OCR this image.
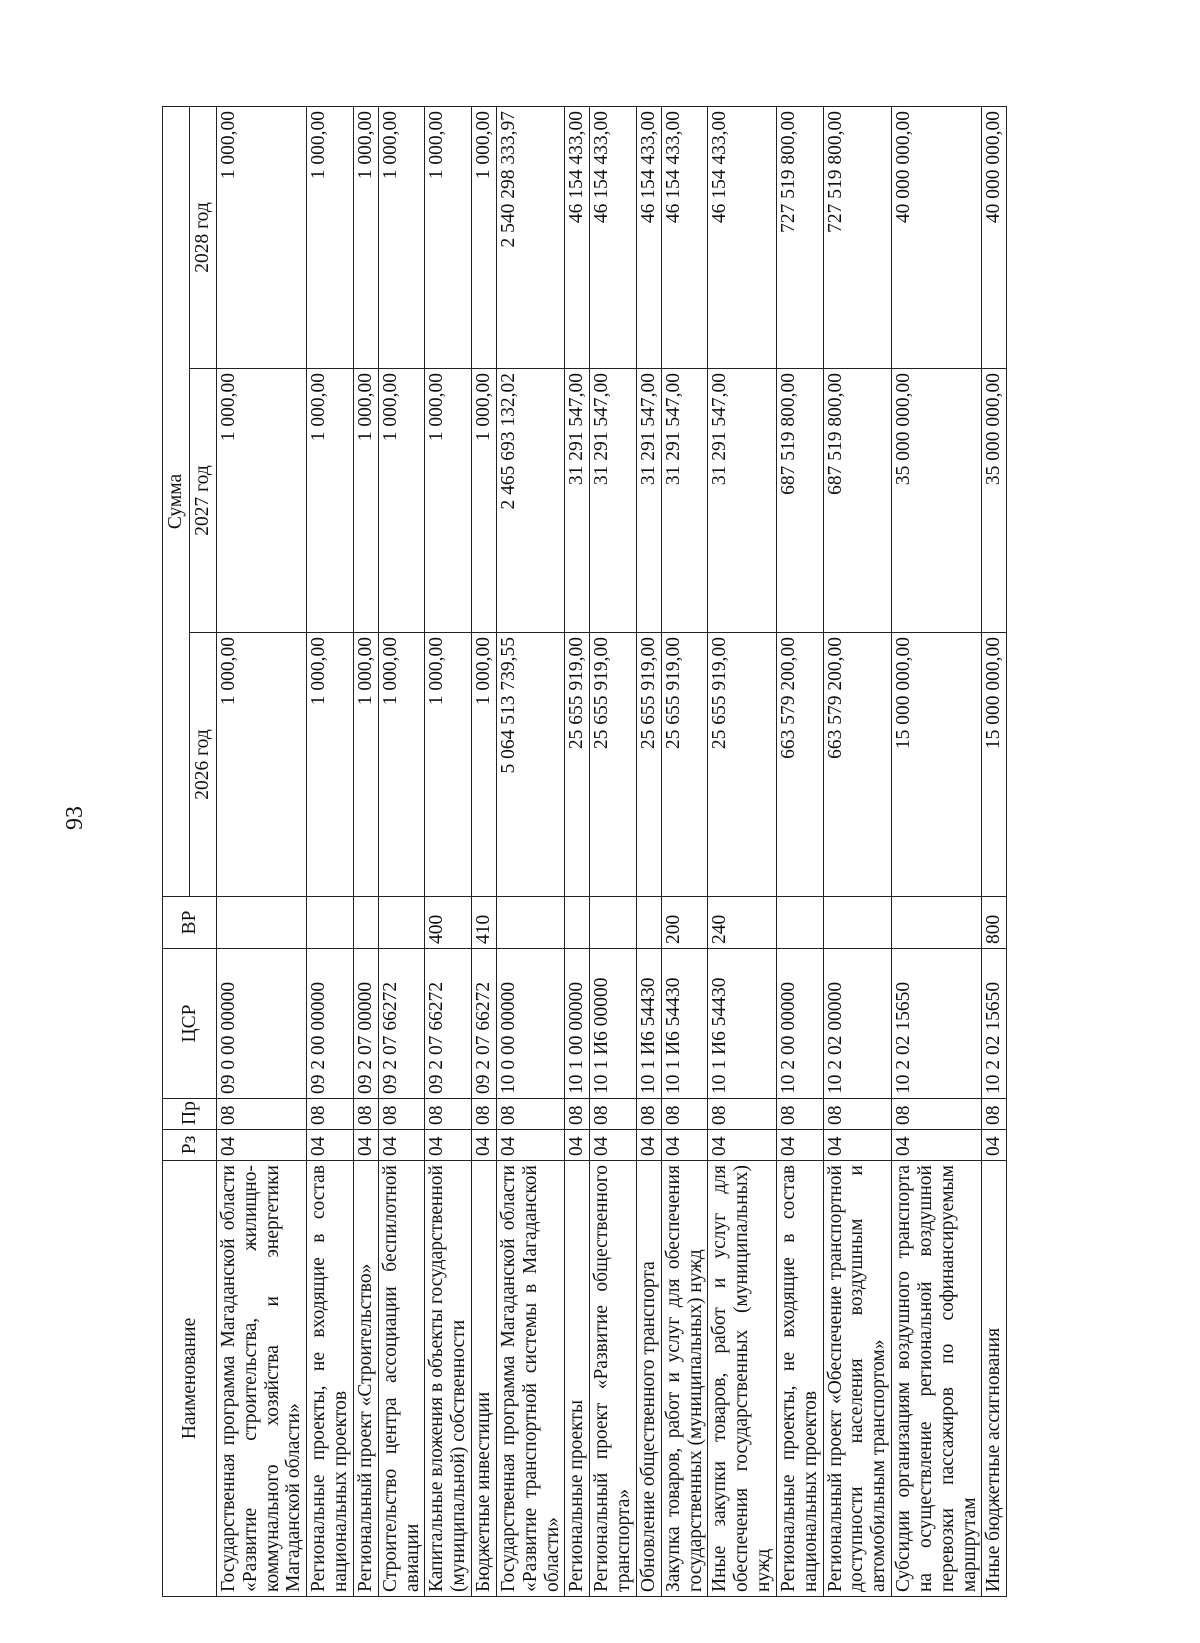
93
Наименование	Рз	Пр	ЦСР	ВР	Сумма		
					2026 год	2027 год	2028 год
Государственная программа Магаданской области «Развитие строительства, жилищно-коммунального хозяйства и энергетики Магаданской области»	04	08	09 0 00 00000		1 000,00	1 000,00	1 000,00
Региональные проекты, не входящие в состав национальных проектов	04	08	09 2 00 00000		1 000,00	1 000,00	1 000,00
Региональный проект «Строительство»	04	08	09 2 07 00000		1 000,00	1 000,00	1 000,00
Строительство центра ассоциации беспилотной авиации	04	08	09 2 07 66272		1 000,00	1 000,00	1 000,00
Капитальные вложения в объекты государственной (муниципальной) собственности	04	08	09 2 07 66272	400	1 000,00	1 000,00	1 000,00
Бюджетные инвестиции	04	08	09 2 07 66272	410	1 000,00	1 000,00	1 000,00
Государственная программа Магаданской области «Развитие транспортной системы в Магаданской области»	04	08	10 0 00 00000		5 064 513 739,55	2 465 693 132,02	2 540 298 333,97
Региональные проекты	04	08	10 1 00 00000		25 655 919,00	31 291 547,00	46 154 433,00
Региональный проект «Развитие общественного транспорта»	04	08	10 1 И6 00000		25 655 919,00	31 291 547,00	46 154 433,00
Обновление общественного транспорта	04	08	10 1 И6 54430		25 655 919,00	31 291 547,00	46 154 433,00
Закупка товаров, работ и услуг для обеспечения государственных (муниципальных) нужд	04	08	10 1 И6 54430	200	25 655 919,00	31 291 547,00	46 154 433,00
Иные закупки товаров, работ и услуг для обеспечения государственных (муниципальных) нужд	04	08	10 1 И6 54430	240	25 655 919,00	31 291 547,00	46 154 433,00
Региональные проекты, не входящие в состав национальных проектов	04	08	10 2 00 00000		663 579 200,00	687 519 800,00	727 519 800,00
Региональный проект «Обеспечение транспортной доступности населения воздушным и автомобильным транспортом»	04	08	10 2 02 00000		663 579 200,00	687 519 800,00	727 519 800,00
Субсидии организациям воздушного транспорта на осуществление региональной воздушной перевозки пассажиров по софинансируемым маршрутам	04	08	10 2 02 15650		15 000 000,00	35 000 000,00	40 000 000,00
Иные бюджетные ассигнования	04	08	10 2 02 15650	800	15 000 000,00	35 000 000,00	40 000 000,00
